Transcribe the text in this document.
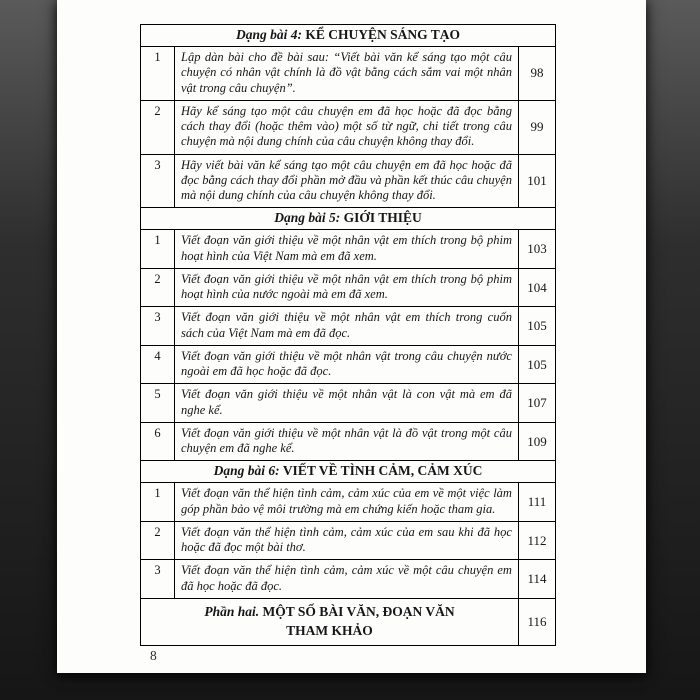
Dạng bài 4: KỂ CHUYỆN SÁNG TẠO		
1	Lập dàn bài cho đề bài sau: “Viết bài văn kể sáng tạo một câu chuyện có nhân vật chính là đồ vật bằng cách sắm vai một nhân vật trong câu chuyện”.	98
2	Hãy kể sáng tạo một câu chuyện em đã học hoặc đã đọc bằng cách thay đổi (hoặc thêm vào) một số từ ngữ, chi tiết trong câu chuyện mà nội dung chính của câu chuyện không thay đổi.	99
3	Hãy viết bài văn kể sáng tạo một câu chuyện em đã học hoặc đã đọc bằng cách thay đổi phần mở đầu và phần kết thúc câu chuyện mà nội dung chính của câu chuyện không thay đổi.	101
Dạng bài 5: GIỚI THIỆU		
1	Viết đoạn văn giới thiệu về một nhân vật em thích trong bộ phim hoạt hình của Việt Nam mà em đã xem.	103
2	Viết đoạn văn giới thiệu về một nhân vật em thích trong bộ phim hoạt hình của nước ngoài mà em đã xem.	104
3	Viết đoạn văn giới thiệu về một nhân vật em thích trong cuốn sách của Việt Nam mà em đã đọc.	105
4	Viết đoạn văn giới thiệu về một nhân vật trong câu chuyện nước ngoài em đã học hoặc đã đọc.	105
5	Viết đoạn văn giới thiệu về một nhân vật là con vật mà em đã nghe kể.	107
6	Viết đoạn văn giới thiệu về một nhân vật là đồ vật trong một câu chuyện em đã nghe kể.	109
Dạng bài 6: VIẾT VỀ TÌNH CẢM, CẢM XÚC		
1	Viết đoạn văn thể hiện tình cảm, cảm xúc của em về một việc làm góp phần bảo vệ môi trường mà em chứng kiến hoặc tham gia.	111
2	Viết đoạn văn thể hiện tình cảm, cảm xúc của em sau khi đã học hoặc đã đọc một bài thơ.	112
3	Viết đoạn văn thể hiện tình cảm, cảm xúc về một câu chuyện em đã học hoặc đã đọc.	114
Phần hai. MỘT SỐ BÀI VĂN, ĐOẠN VĂN
THAM KHẢO		116
8
